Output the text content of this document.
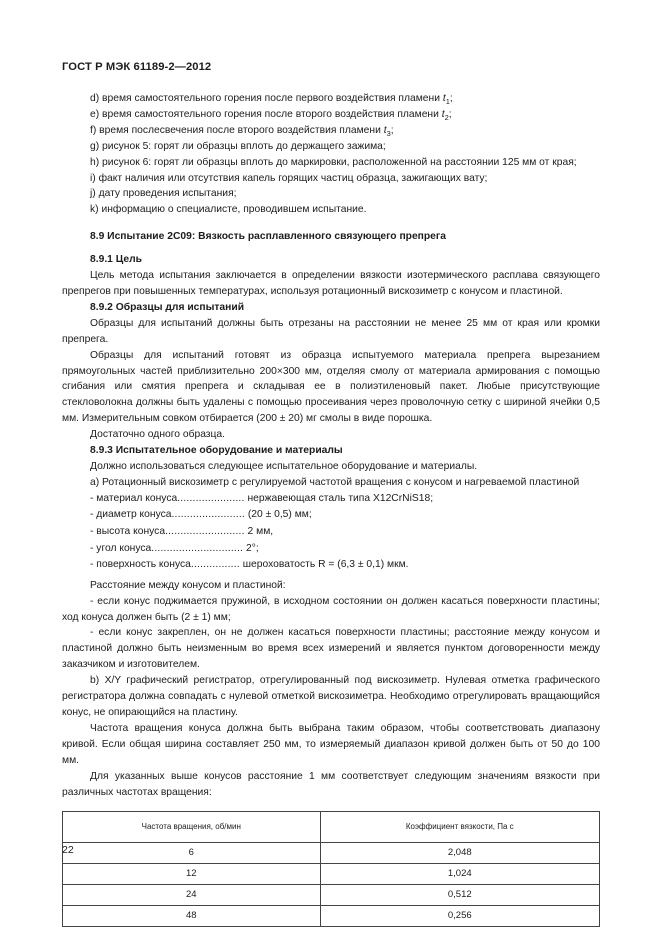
ГОСТ Р МЭК 61189-2—2012

d) время самостоятельного горения после первого воздействия пламени $t_1$;

e) время самостоятельного горения после второго воздействия пламени $t_2$;

f) время послесвечения после второго воздействия пламени $t_3$;

g) рисунок 5: горят ли образцы вплоть до держащего зажима;

h) рисунок 6: горят ли образцы вплоть до маркировки, расположенной на расстоянии 125 мм от края;

i) факт наличия или отсутствия капель горящих частиц образца, зажигающих вату;

j) дату проведения испытания;

k) информацию о специалисте, проводившем испытание.

8.9 Испытание 2С09: Вязкость расплавленного связующего препрега

8.9.1 Цель

Цель метода испытания заключается в определении вязкости изотермического расплава связующего препрегов при повышенных температурах, используя ротационный вискозиметр с конусом и пластиной.

8.9.2 Образцы для испытаний

Образцы для испытаний должны быть отрезаны на расстоянии не менее 25 мм от края или кромки препрега.

Образцы для испытаний готовят из образца испытуемого материала препрега вырезанием прямоугольных частей приблизительно 200×300 мм, отделяя смолу от материала армирования с помощью сгибания или смятия препрега и складывая ее в полиэтиленовый пакет. Любые присутствующие стекловолокна должны быть удалены с помощью просеивания через проволочную сетку с шириной ячейки 0,5 мм. Измерительным совком отбирается (200 ± 20) мг смолы в виде порошка.

Достаточно одного образца.

8.9.3 Испытательное оборудование и материалы

Должно использоваться следующее испытательное оборудование и материалы.

а) Ротационный вискозиметр с регулируемой частотой вращения с конусом и нагреваемой пластиной

- материал конуса...................... нержавеющая сталь типа Х12CrNiS18;
- диаметр конуса........................ (20 ± 0,5) мм;
- высота конуса.......................... 2 мм,
- угол конуса.............................. 2°;
- поверхность конуса................ шероховатость R = (6,3 ± 0,1) мкм.

Расстояние между конусом и пластиной:

- если конус поджимается пружиной, в исходном состоянии он должен касаться поверхности пластины; ход конуса должен быть (2 ± 1) мм;

- если конус закреплен, он не должен касаться поверхности пластины; расстояние между конусом и пластиной должно быть неизменным во время всех измерений и является пунктом договоренности между заказчиком и изготовителем.

b) X/Y графический регистратор, отрегулированный под вискозиметр. Нулевая отметка графического регистратора должна совпадать с нулевой отметкой вискозиметра. Необходимо отрегулировать вращающийся конус, не опирающийся на пластину.

Частота вращения конуса должна быть выбрана таким образом, чтобы соответствовать диапазону кривой. Если общая ширина составляет 250 мм, то измеряемый диапазон кривой должен быть от 50 до 100 мм.

Для указанных выше конусов расстояние 1 мм соответствует следующим значениям вязкости при различных частотах вращения:

Частота вращения, об/мин	Коэффициент вязкости, Па с
6	2,048
12	1,024
24	0,512
48	0,256
22
